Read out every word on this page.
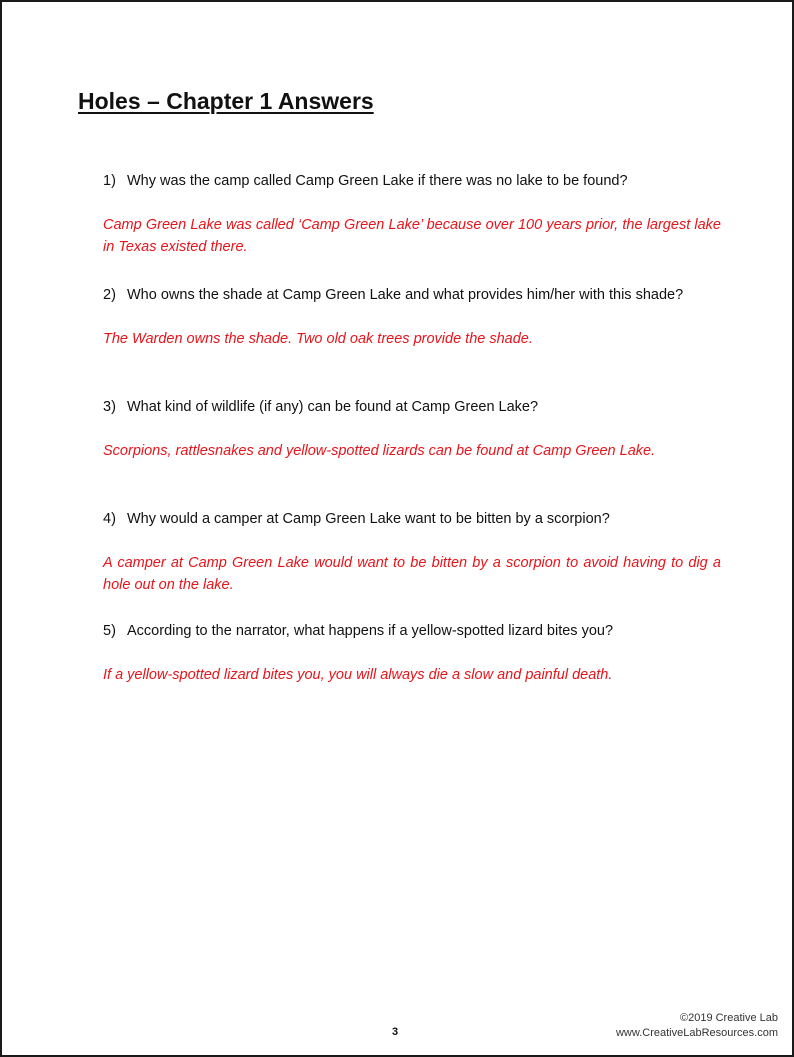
Holes – Chapter 1 Answers
1) Why was the camp called Camp Green Lake if there was no lake to be found?
Camp Green Lake was called ‘Camp Green Lake’ because over 100 years prior, the largest lake in Texas existed there.
2) Who owns the shade at Camp Green Lake and what provides him/her with this shade?
The Warden owns the shade. Two old oak trees provide the shade.
3) What kind of wildlife (if any) can be found at Camp Green Lake?
Scorpions, rattlesnakes and yellow-spotted lizards can be found at Camp Green Lake.
4) Why would a camper at Camp Green Lake want to be bitten by a scorpion?
A camper at Camp Green Lake would want to be bitten by a scorpion to avoid having to dig a hole out on the lake.
5) According to the narrator, what happens if a yellow-spotted lizard bites you?
If a yellow-spotted lizard bites you, you will always die a slow and painful death.
3
©2019 Creative Lab
www.CreativeLabResources.com
